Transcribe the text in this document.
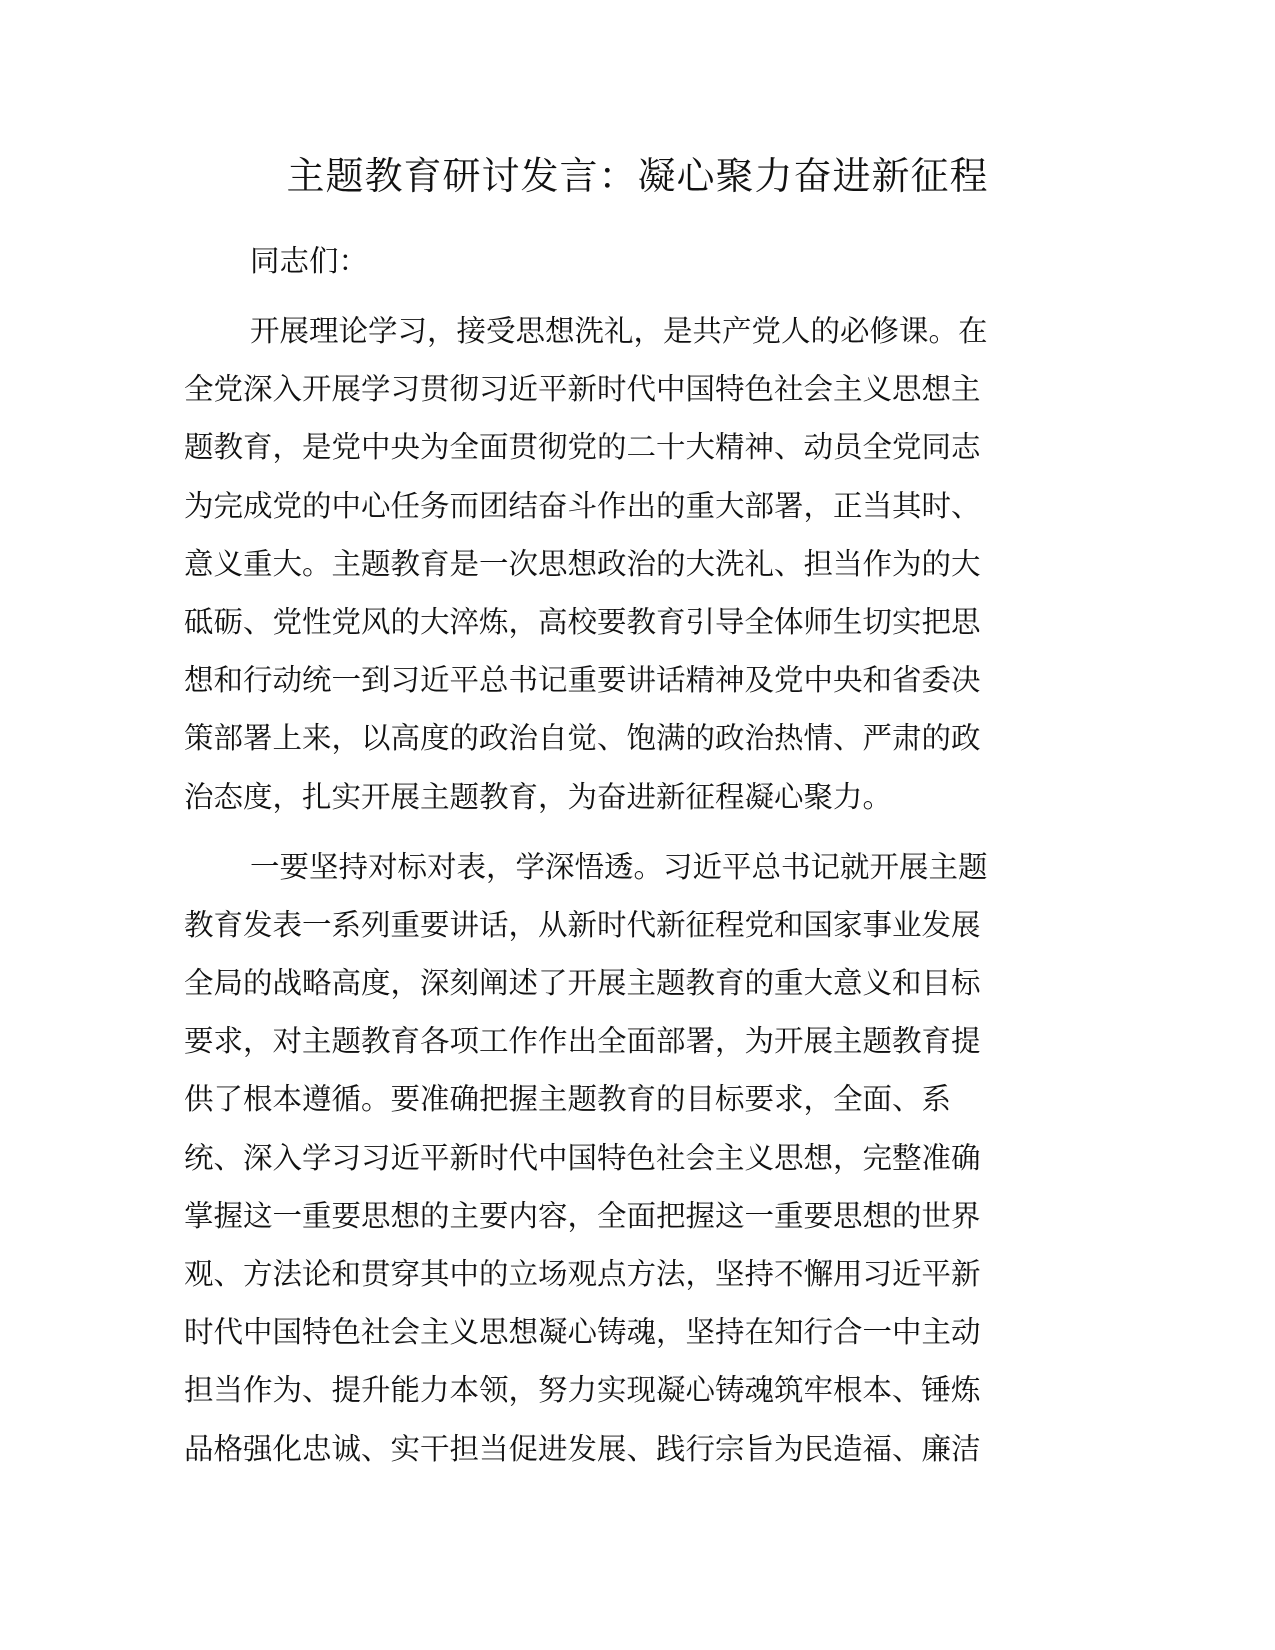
主题教育研讨发言：凝心聚力奋进新征程
同志们：
开展理论学习，接受思想洗礼，是共产党人的必修课。在
全党深入开展学习贯彻习近平新时代中国特色社会主义思想主
题教育，是党中央为全面贯彻党的二十大精神、动员全党同志
为完成党的中心任务而团结奋斗作出的重大部署，正当其时、
意义重大。主题教育是一次思想政治的大洗礼、担当作为的大
砥砺、党性党风的大淬炼，高校要教育引导全体师生切实把思
想和行动统一到习近平总书记重要讲话精神及党中央和省委决
策部署上来，以高度的政治自觉、饱满的政治热情、严肃的政
治态度，扎实开展主题教育，为奋进新征程凝心聚力。
一要坚持对标对表，学深悟透。习近平总书记就开展主题
教育发表一系列重要讲话，从新时代新征程党和国家事业发展
全局的战略高度，深刻阐述了开展主题教育的重大意义和目标
要求，对主题教育各项工作作出全面部署，为开展主题教育提
供了根本遵循。要准确把握主题教育的目标要求，全面、系
统、深入学习习近平新时代中国特色社会主义思想，完整准确
掌握这一重要思想的主要内容，全面把握这一重要思想的世界
观、方法论和贯穿其中的立场观点方法，坚持不懈用习近平新
时代中国特色社会主义思想凝心铸魂，坚持在知行合一中主动
担当作为、提升能力本领，努力实现凝心铸魂筑牢根本、锤炼
品格强化忠诚、实干担当促进发展、践行宗旨为民造福、廉洁
